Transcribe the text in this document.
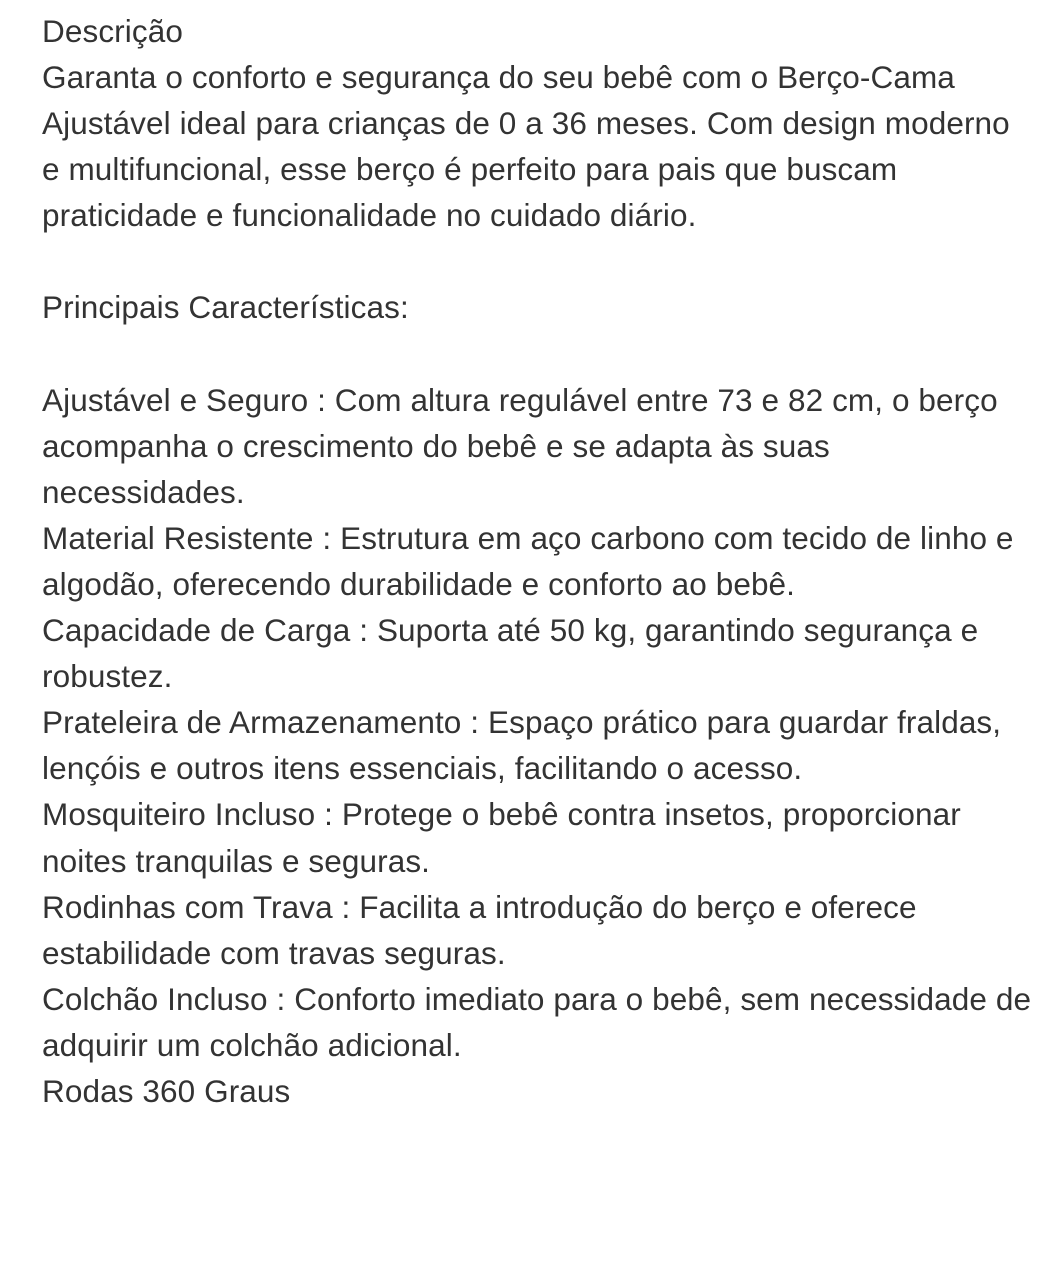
Descrição
Garanta o conforto e segurança do seu bebê com o Berço-Cama Ajustável ideal para crianças de 0 a 36 meses. Com design moderno e multifuncional, esse berço é perfeito para pais que buscam praticidade e funcionalidade no cuidado diário.
Principais Características:
Ajustável e Seguro : Com altura regulável entre 73 e 82 cm, o berço acompanha o crescimento do bebê e se adapta às suas necessidades.
Material Resistente : Estrutura em aço carbono com tecido de linho e algodão, oferecendo durabilidade e conforto ao bebê.
Capacidade de Carga : Suporta até 50 kg, garantindo segurança e robustez.
Prateleira de Armazenamento : Espaço prático para guardar fraldas, lençóis e outros itens essenciais, facilitando o acesso.
Mosquiteiro Incluso : Protege o bebê contra insetos, proporcionar noites tranquilas e seguras.
Rodinhas com Trava : Facilita a introdução do berço e oferece estabilidade com travas seguras.
Colchão Incluso : Conforto imediato para o bebê, sem necessidade de adquirir um colchão adicional.
Rodas 360 Graus
